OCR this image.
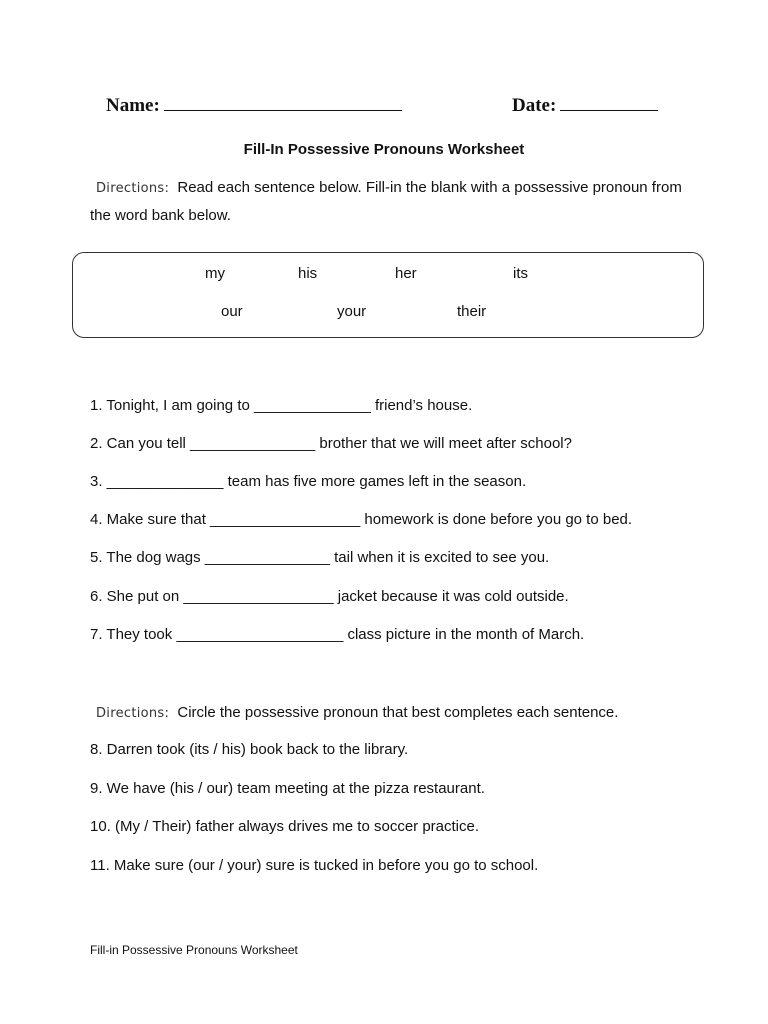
Name:	Date:
Fill-In Possessive Pronouns Worksheet
Directions: Read each sentence below. Fill-in the blank with a possessive pronoun from the word bank below.
my	his	her	its
our	your	their
1. Tonight, I am going to ______________ friend’s house.
2. Can you tell _______________ brother that we will meet after school?
3. ______________ team has five more games left in the season.
4. Make sure that __________________ homework is done before you go to bed.
5. The dog wags _______________ tail when it is excited to see you.
6. She put on __________________ jacket because it was cold outside.
7. They took ____________________ class picture in the month of March.
Directions: Circle the possessive pronoun that best completes each sentence.
8. Darren took (its / his) book back to the library.
9. We have (his / our) team meeting at the pizza restaurant.
10. (My / Their) father always drives me to soccer practice.
11. Make sure (our / your) sure is tucked in before you go to school.
Fill-in Possessive Pronouns Worksheet
